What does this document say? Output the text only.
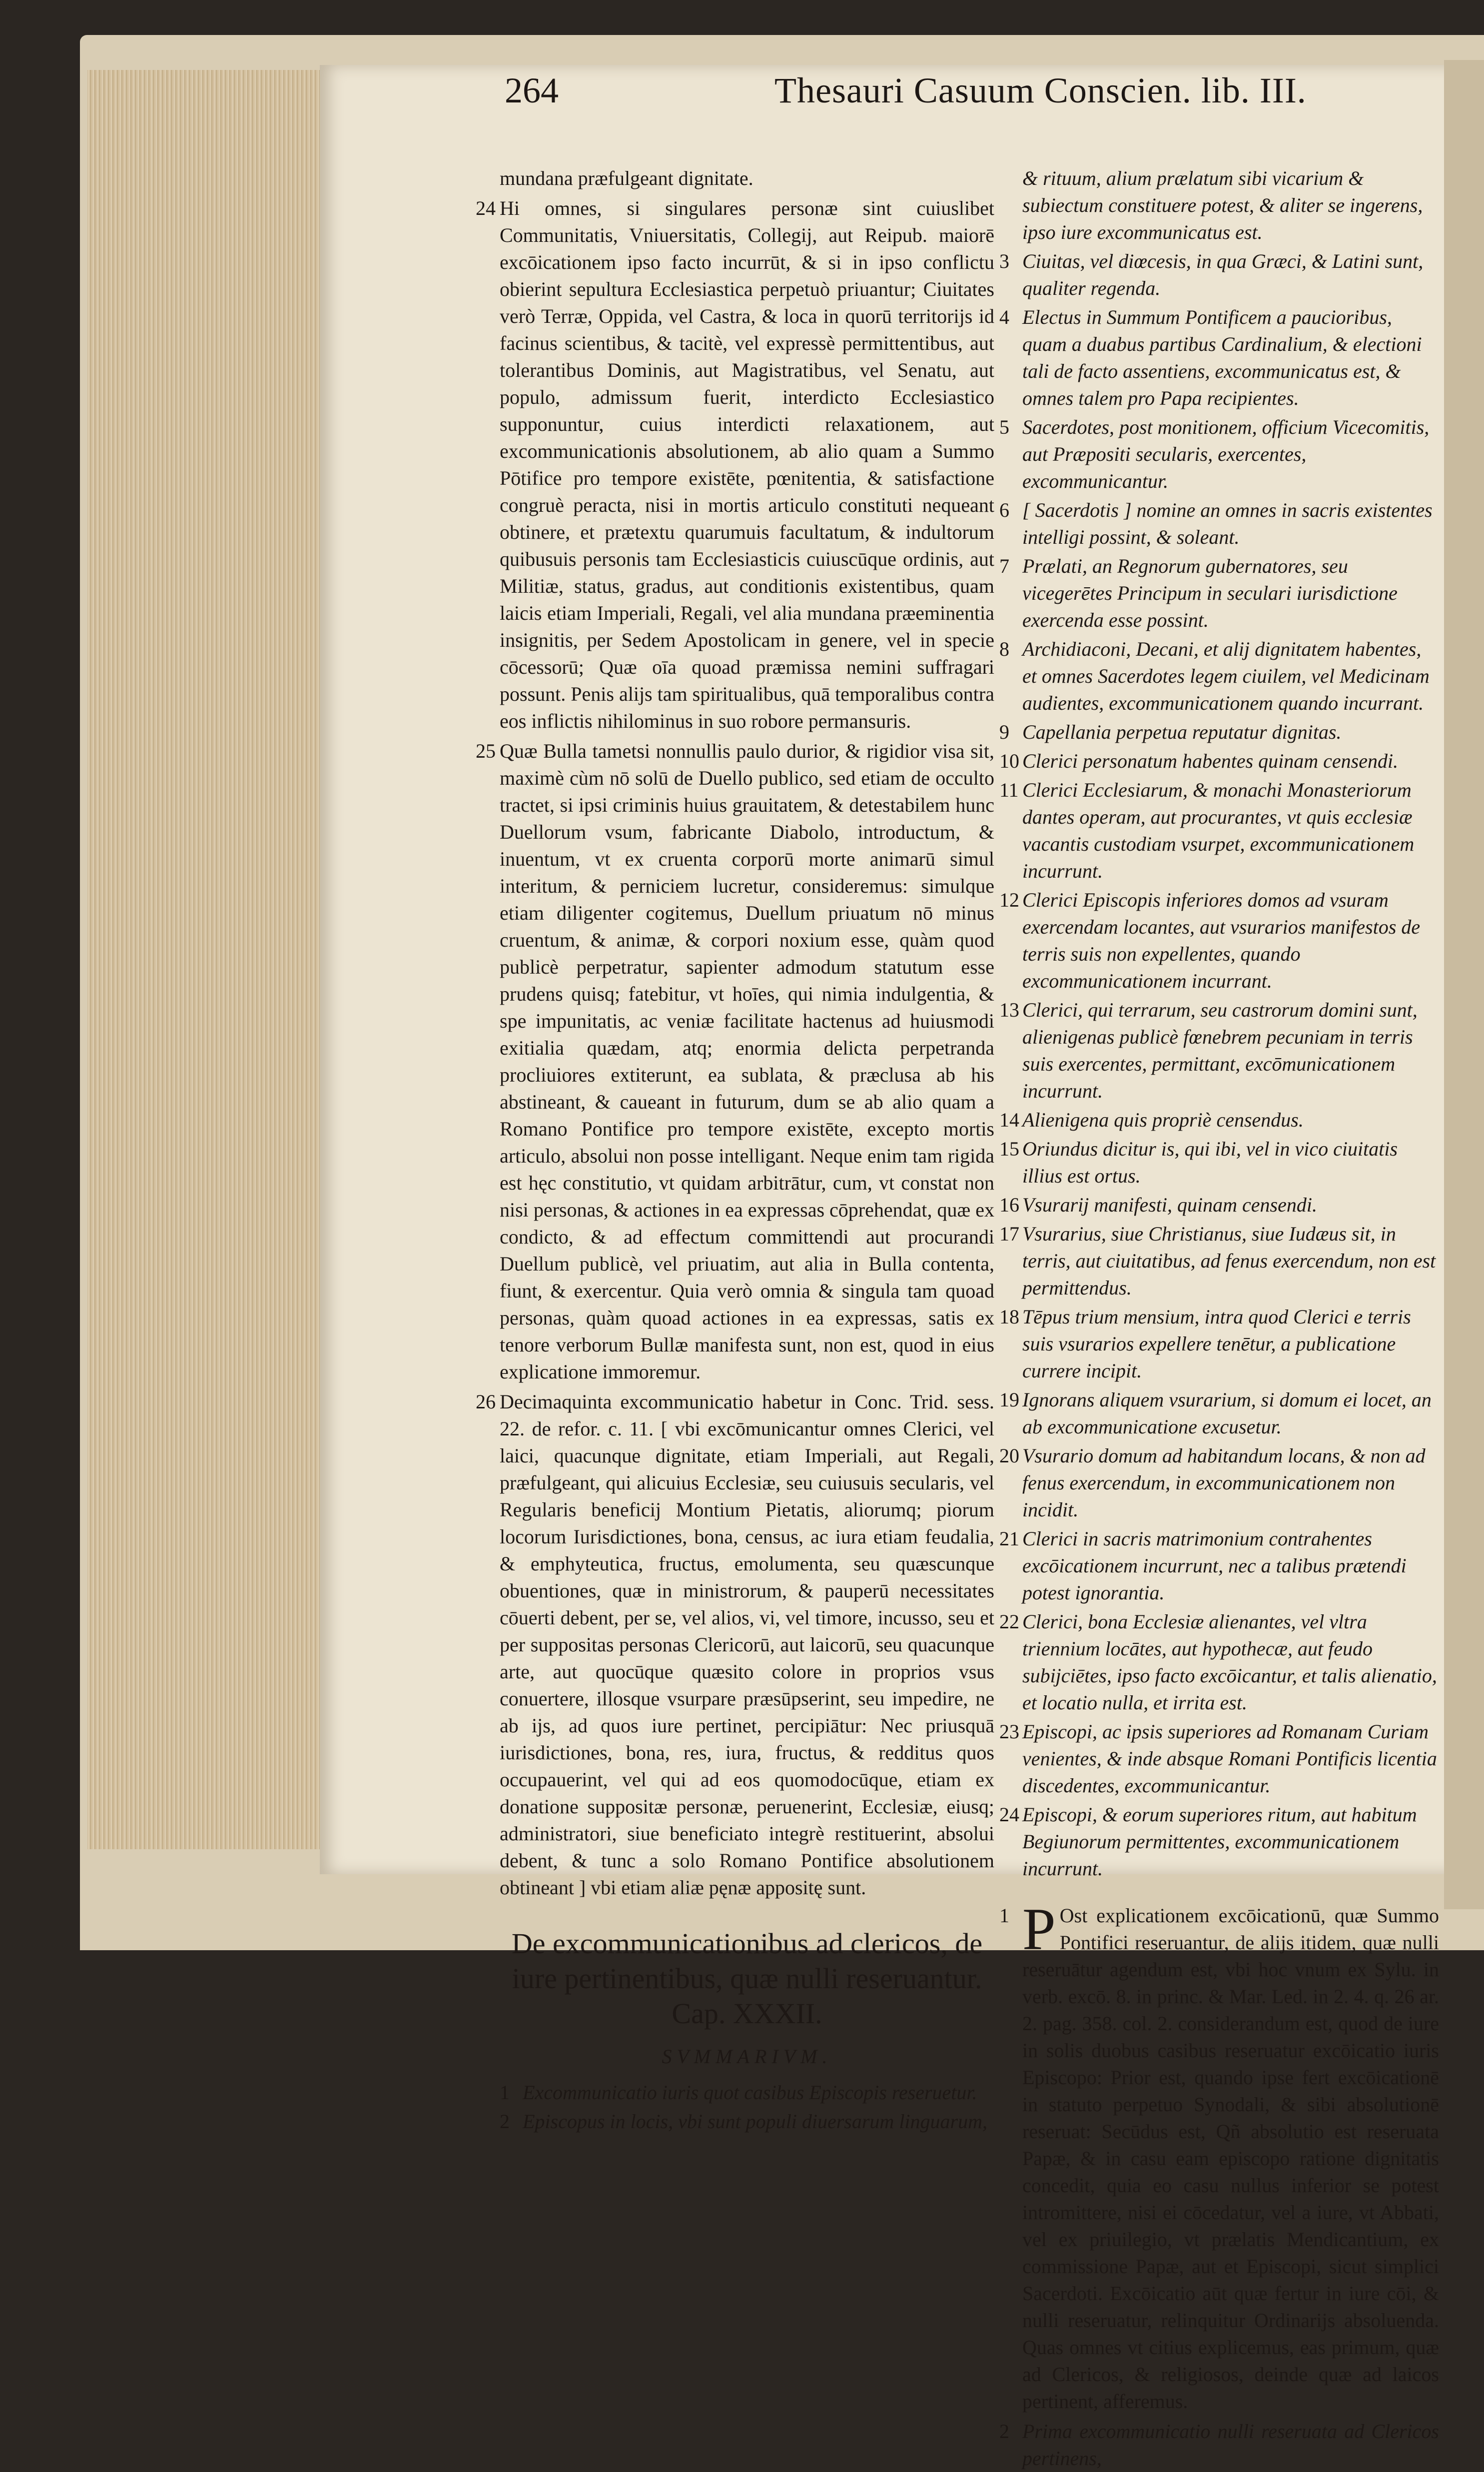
264	Thesauri Casuum Conscien. lib. III.
mundana præfulgeant dignitate.
24 Hi omnes, si singulares personæ sint cuiuslibet Communitatis, Vniuersitatis, Collegij, aut Reipub. maiorē excōicationem ipso facto incurrūt, & si in ipso conflictu obierint sepultura Ecclesiastica perpetuò priuantur; Ciuitates verò Terræ, Oppida, vel Castra, & loca in quorū territorijs id facinus scientibus, & tacitè, vel expressè permittentibus, aut tolerantibus Dominis, aut Magistratibus, vel Senatu, aut populo, admissum fuerit, interdicto Ecclesiastico supponuntur, cuius interdicti relaxationem, aut excommunicationis absolutionem, ab alio quam a Summo Pōtifice pro tempore existēte, pœnitentia, & satisfactione congruè peracta, nisi in mortis articulo constituti nequeant obtinere, et prætextu quarumuis facultatum, & indultorum quibusuis personis tam Ecclesiasticis cuiuscūque ordinis, aut Militiæ, status, gradus, aut conditionis existentibus, quam laicis etiam Imperiali, Regali, vel alia mundana præeminentia insignitis, per Sedem Apostolicam in genere, vel in specie cōcessorū; Quæ oīa quoad præmissa nemini suffragari possunt. Penis alijs tam spiritualibus, quā temporalibus contra eos inflictis nihilominus in suo robore permansuris.
25 Quæ Bulla tametsi nonnullis paulo durior, & rigidior visa sit, maximè cùm nō solū de Duello publico, sed etiam de occulto tractet, si ipsi criminis huius grauitatem, & detestabilem hunc Duellorum vsum, fabricante Diabolo, introductum, & inuentum, vt ex cruenta corporū morte animarū simul interitum, & perniciem lucretur, consideremus: simulque etiam diligenter cogitemus, Duellum priuatum nō minus cruentum, & animæ, & corpori noxium esse, quàm quod publicè perpetratur, sapienter admodum statutum esse prudens quisq; fatebitur, vt hoīes, qui nimia indulgentia, & spe impunitatis, ac veniæ facilitate hactenus ad huiusmodi exitialia quædam, atq; enormia delicta perpetranda procliuiores extiterunt, ea sublata, & præclusa ab his abstineant, & caueant in futurum, dum se ab alio quam a Romano Pontifice pro tempore existēte, excepto mortis articulo, absolui non posse intelligant. Neque enim tam rigida est hęc constitutio, vt quidam arbitrātur, cum, vt constat non nisi personas, & actiones in ea expressas cōprehendat, quæ ex condicto, & ad effectum committendi aut procurandi Duellum publicè, vel priuatim, aut alia in Bulla contenta, fiunt, & exercentur. Quia verò omnia & singula tam quoad personas, quàm quoad actiones in ea expressas, satis ex tenore verborum Bullæ manifesta sunt, non est, quod in eius explicatione immoremur.
26 Decimaquinta excommunicatio habetur in Conc. Trid. sess. 22. de refor. c. 11. [ vbi excōmunicantur omnes Clerici, vel laici, quacunque dignitate, etiam Imperiali, aut Regali, præfulgeant, qui alicuius Ecclesiæ, seu cuiusuis secularis, vel Regularis beneficij Montium Pietatis, aliorumq; piorum locorum Iurisdictiones, bona, census, ac iura etiam feudalia, & emphyteutica, fructus, emolumenta, seu quæscunque obuentiones, quæ in ministrorum, & pauperū necessitates cōuerti debent, per se, vel alios, vi, vel timore, incusso, seu et per suppositas personas Clericorū, aut laicorū, seu quacunque arte, aut quocūque quæsito colore in proprios vsus conuertere, illosque vsurpare præsūpserint, seu impedire, ne ab ijs, ad quos iure pertinet, percipiātur: Nec priusquā iurisdictiones, bona, res, iura, fructus, & redditus quos occupauerint, vel qui ad eos quomodocūque, etiam ex donatione suppositæ personæ, peruenerint, Ecclesiæ, eiusq; administratori, siue beneficiato integrè restituerint, absolui debent, & tunc a solo Romano Pontifice absolutionem obtineant ] vbi etiam aliæ pęnæ appositę sunt.
De excommunicationibus ad clericos, de iure pertinentibus, quæ nulli reseruantur. Cap. XXXII.
SVMMARIVM.
1 Excommunicatio iuris quot casibus Episcopis reseruetur.
2 Episcopus in locis, vbi sunt populi diuersarum linguarum,
& rituum, alium prælatum sibi vicarium & subiectum constituere potest, & aliter se ingerens, ipso iure excommunicatus est.
3 Ciuitas, vel diœcesis, in qua Græci, & Latini sunt, qualiter regenda.
4 Electus in Summum Pontificem a paucioribus, quam a duabus partibus Cardinalium, & electioni tali de facto assentiens, excommunicatus est, & omnes talem pro Papa recipientes.
5 Sacerdotes, post monitionem, officium Vicecomitis, aut Præpositi secularis, exercentes, excommunicantur.
6 [ Sacerdotis ] nomine an omnes in sacris existentes intelligi possint, & soleant.
7 Prælati, an Regnorum gubernatores, seu vicegerētes Principum in seculari iurisdictione exercenda esse possint.
8 Archidiaconi, Decani, et alij dignitatem habentes, et omnes Sacerdotes legem ciuilem, vel Medicinam audientes, excommunicationem quando incurrant.
9 Capellania perpetua reputatur dignitas.
10 Clerici personatum habentes quinam censendi.
11 Clerici Ecclesiarum, & monachi Monasteriorum dantes operam, aut procurantes, vt quis ecclesiæ vacantis custodiam vsurpet, excommunicationem incurrunt.
12 Clerici Episcopis inferiores domos ad vsuram exercendam locantes, aut vsurarios manifestos de terris suis non expellentes, quando excommunicationem incurrant.
13 Clerici, qui terrarum, seu castrorum domini sunt, alienigenas publicè fœnebrem pecuniam in terris suis exercentes, permittant, excōmunicationem incurrunt.
14 Alienigena quis propriè censendus.
15 Oriundus dicitur is, qui ibi, vel in vico ciuitatis illius est ortus.
16 Vsurarij manifesti, quinam censendi.
17 Vsurarius, siue Christianus, siue Iudæus sit, in terris, aut ciuitatibus, ad fenus exercendum, non est permittendus.
18 Tēpus trium mensium, intra quod Clerici e terris suis vsurarios expellere tenētur, a publicatione currere incipit.
19 Ignorans aliquem vsurarium, si domum ei locet, an ab excommunicatione excusetur.
20 Vsurario domum ad habitandum locans, & non ad fenus exercendum, in excommunicationem non incidit.
21 Clerici in sacris matrimonium contrahentes excōicationem incurrunt, nec a talibus prætendi potest ignorantia.
22 Clerici, bona Ecclesiæ alienantes, vel vltra triennium locātes, aut hypothecæ, aut feudo subijciētes, ipso facto excōicantur, et talis alienatio, et locatio nulla, et irrita est.
23 Episcopi, ac ipsis superiores ad Romanam Curiam venientes, & inde absque Romani Pontificis licentia discedentes, excommunicantur.
24 Episcopi, & eorum superiores ritum, aut habitum Begiunorum permittentes, excommunicationem incurrunt.
1 P Ost explicationem excōicationū, quæ Summo Pontifici reseruantur, de alijs itidem, quæ nulli reseruātur agendum est, vbi hoc vnum ex Sylu. in verb. excō. 8. in princ. & Mar. Led. in 2. 4. q. 26 ar. 2. pag. 358. col. 2. considerandum est, quod de iure in solis duobus casibus reseruatur excōicatio iuris Episcopo: Prior est, quando ipse fert excōicationē in statuto perpetuo Synodali, & sibi absolutionē reseruat: Secūdus est, Qñ absolutio est reseruata Papæ, & in casu eam episcopo ratione dignitatis concedit, quia eo casu nullus inferior se potest intromittere, nisi ei cōcedatur, vel a iure, vt Abbati, vel ex priuilegio, vt prælatis Mendicantium, ex commissione Papæ, aut et Episcopi, sicut simplici Sacerdoti. Excōicatio aūt quæ fertur in iure cōi, & nulli reseruatur, relinquitur Ordinarijs absoluenda. Quas omnes vt citius explicemus, eas primum, quæ ad Clericos, & religiosos, deinde quæ ad laicos pertinent, afferemus.
2 Prima excommunicatio nulli reseruata ad Clericos pertinens,
